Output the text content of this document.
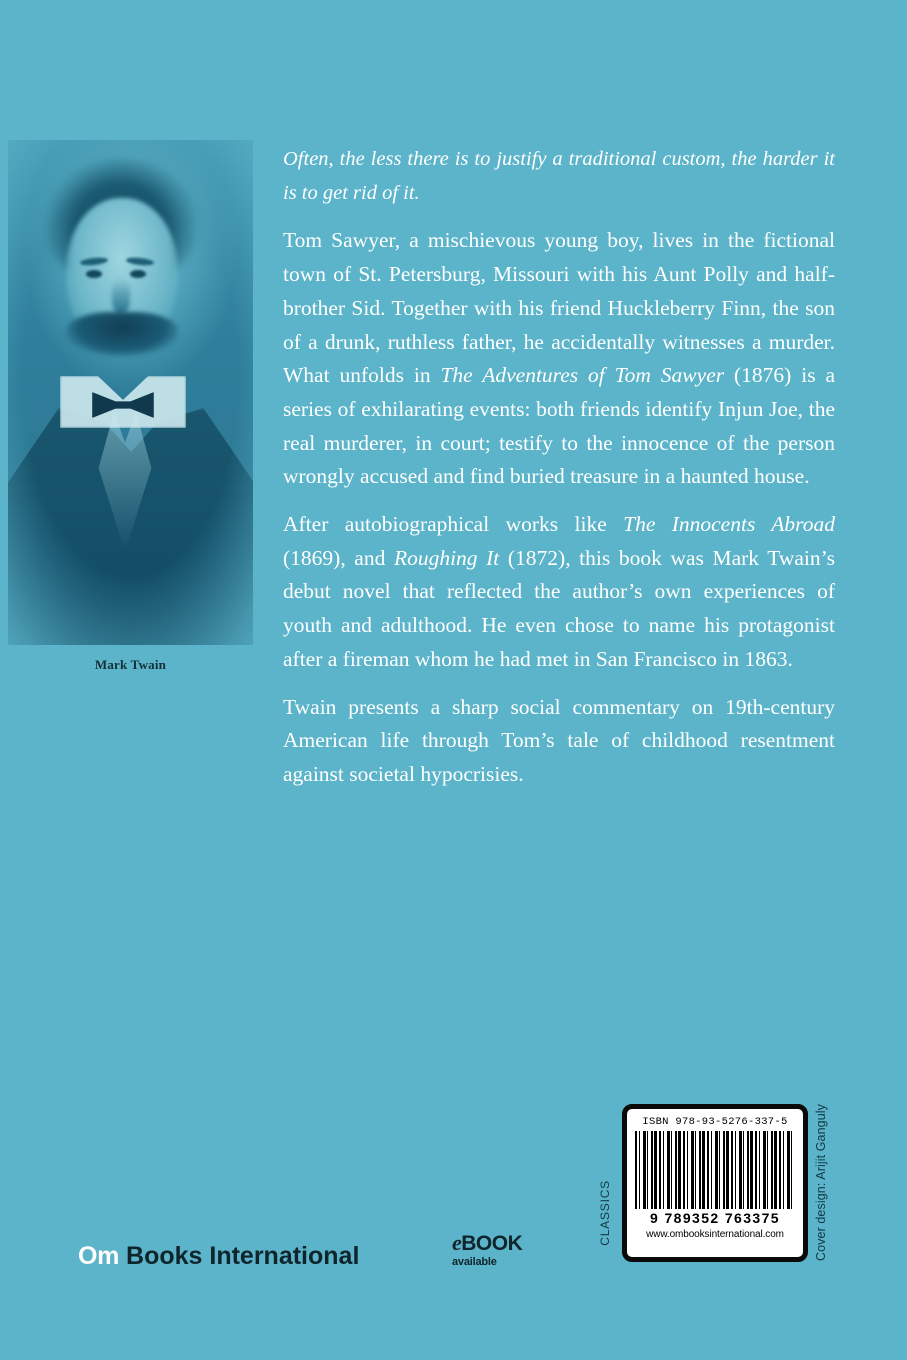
Mark Twain

Often, the less there is to justify a traditional custom, the harder it is to get rid of it.

Tom Sawyer, a mischievous young boy, lives in the fictional town of St. Petersburg, Missouri with his Aunt Polly and half-brother Sid. Together with his friend Huckleberry Finn, the son of a drunk, ruthless father, he accidentally witnesses a murder. What unfolds in The Adventures of Tom Sawyer (1876) is a series of exhilarating events: both friends identify Injun Joe, the real murderer, in court; testify to the innocence of the person wrongly accused and find buried treasure in a haunted house.

After autobiographical works like The Innocents Abroad (1869), and Roughing It (1872), this book was Mark Twain’s debut novel that reflected the author’s own experiences of youth and adulthood. He even chose to name his protagonist after a fireman whom he had met in San Francisco in 1863.

Twain presents a sharp social commentary on 19th-century American life through Tom’s tale of childhood resentment against societal hypocrisies.

Om Books International	eBOOK
available
CLASSICS
ISBN 978-93-5276-337-5
9 789352 763375
www.ombooksinternational.com	Cover design: Arijit Ganguly
